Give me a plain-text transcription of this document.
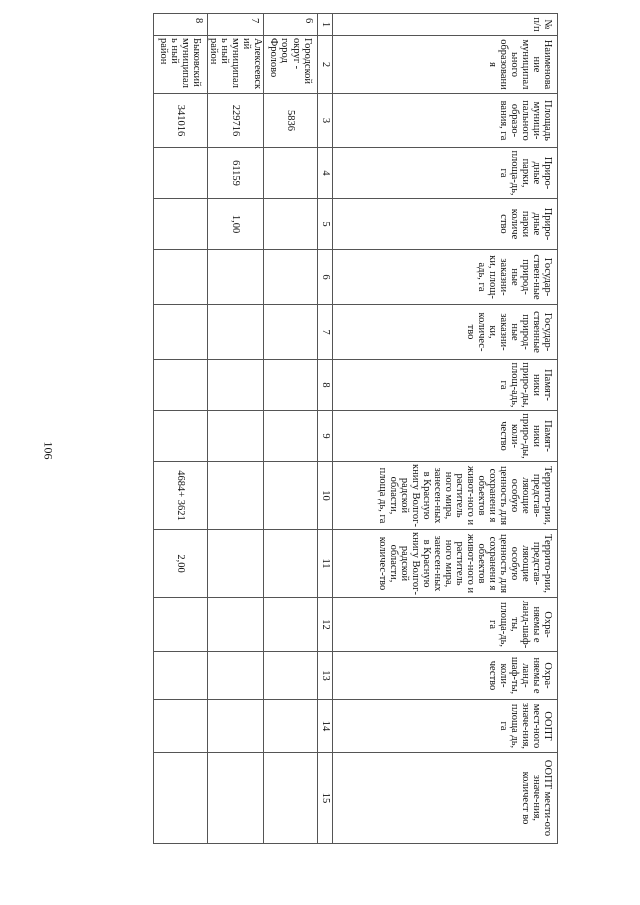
106
№ п/п	Наименование муниципального образования	Площадь муници-пального образо-вания, га	Приро-дные парки, площа-дь, га	Приро-дные парки количе ство	Государ-ствен-ные природ-ные заказни-ки, площ-адь, га	Государ-ственные природ-ные заказни-ки, количес-тво	Памят-ники приро-ды, площ-адь, га	Памят-ники приро-ды, коли-чество	Террито-рии, представ-ляющие особую ценность для сохранени я объектов живот-ного и раститель ного мира, занесен-ных в Красную книгу Волгог-радской области, площа дь, га	Террито-рии, представ-ляющие особую ценность для сохранени я объектов живот-ного и раститель ного мира, занесен-ных в Красную книгу Волгог-радской области, количес-тво	Охра-няемы е ланд-шаф-ты, площа-дь, га	Охра-няемы е ланд-шаф-ты, коли-чество	ООПТ мест-ного значе-ния, площа дь, га	ООПТ мести-ого значе-ния, количест во
1	2	3	4	5	6	7	8	9	10	11	12	13	14	15
6	Городской округ - город Фролово	5836												
7	Алексеевский муниципаль ный район	229716	61159	1,00										
8	Быковский муниципаль ный район	341016							4684+ 3621	2,00				
